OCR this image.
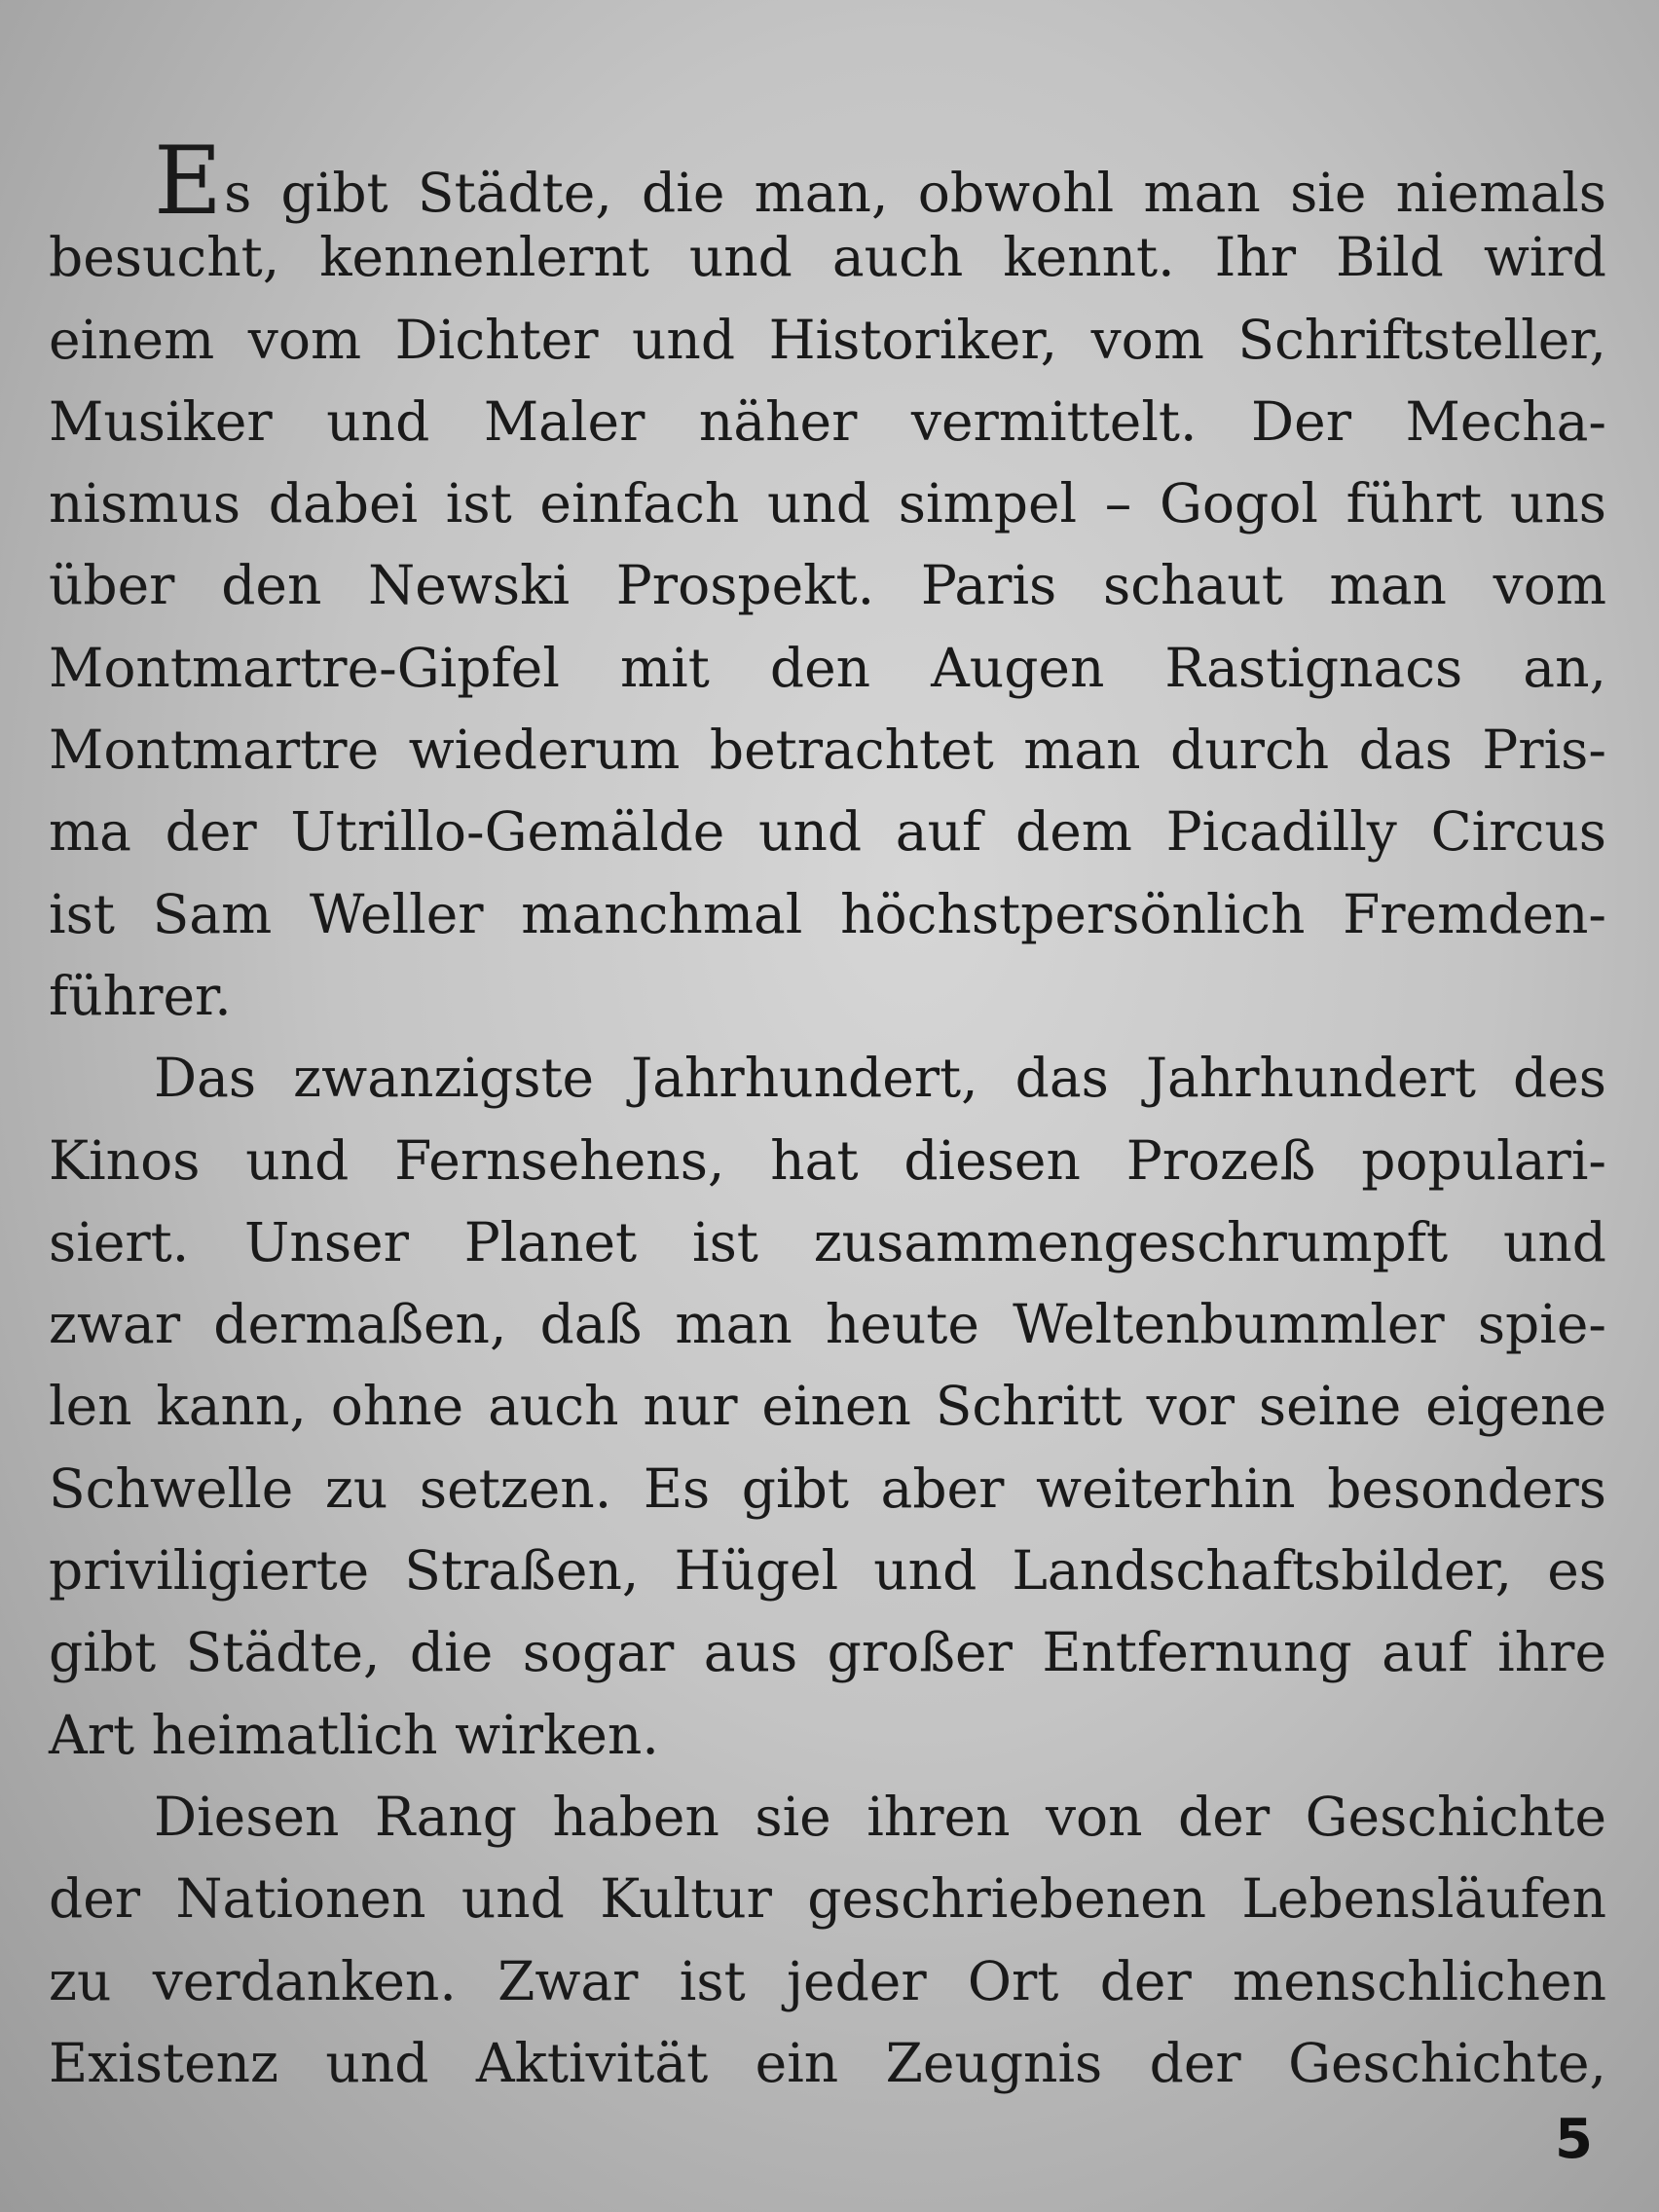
Es gibt Städte, die man, obwohl man sie niemals
besucht, kennenlernt und auch kennt. Ihr Bild wird
einem vom Dichter und Historiker, vom Schriftsteller,
Musiker und Maler näher vermittelt. Der Mecha-
nismus dabei ist einfach und simpel – Gogol führt uns
über den Newski Prospekt. Paris schaut man vom
Montmartre-Gipfel mit den Augen Rastignacs an,
Montmartre wiederum betrachtet man durch das Pris-
ma der Utrillo-Gemälde und auf dem Picadilly Circus
ist Sam Weller manchmal höchstpersönlich Fremden-
führer.
Das zwanzigste Jahrhundert, das Jahrhundert des
Kinos und Fernsehens, hat diesen Prozeß populari-
siert. Unser Planet ist zusammengeschrumpft und
zwar dermaßen, daß man heute Weltenbummler spie-
len kann, ohne auch nur einen Schritt vor seine eigene
Schwelle zu setzen. Es gibt aber weiterhin besonders
priviligierte Straßen, Hügel und Landschaftsbilder, es
gibt Städte, die sogar aus großer Entfernung auf ihre
Art heimatlich wirken.
Diesen Rang haben sie ihren von der Geschichte
der Nationen und Kultur geschriebenen Lebensläufen
zu verdanken. Zwar ist jeder Ort der menschlichen
Existenz und Aktivität ein Zeugnis der Geschichte,
5
